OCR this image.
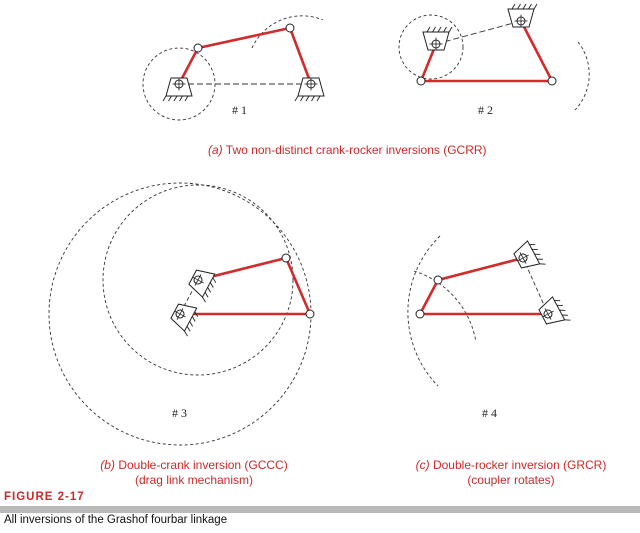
# 1	# 2
# 3	# 4
(a) Two non-distinct crank-rocker inversions (GCRR)
(b) Double-crank inversion (GCCC)
(drag link mechanism)
(c) Double-rocker inversion (GRCR)
(coupler rotates)
FIGURE 2-17
All inversions of the Grashof fourbar linkage
